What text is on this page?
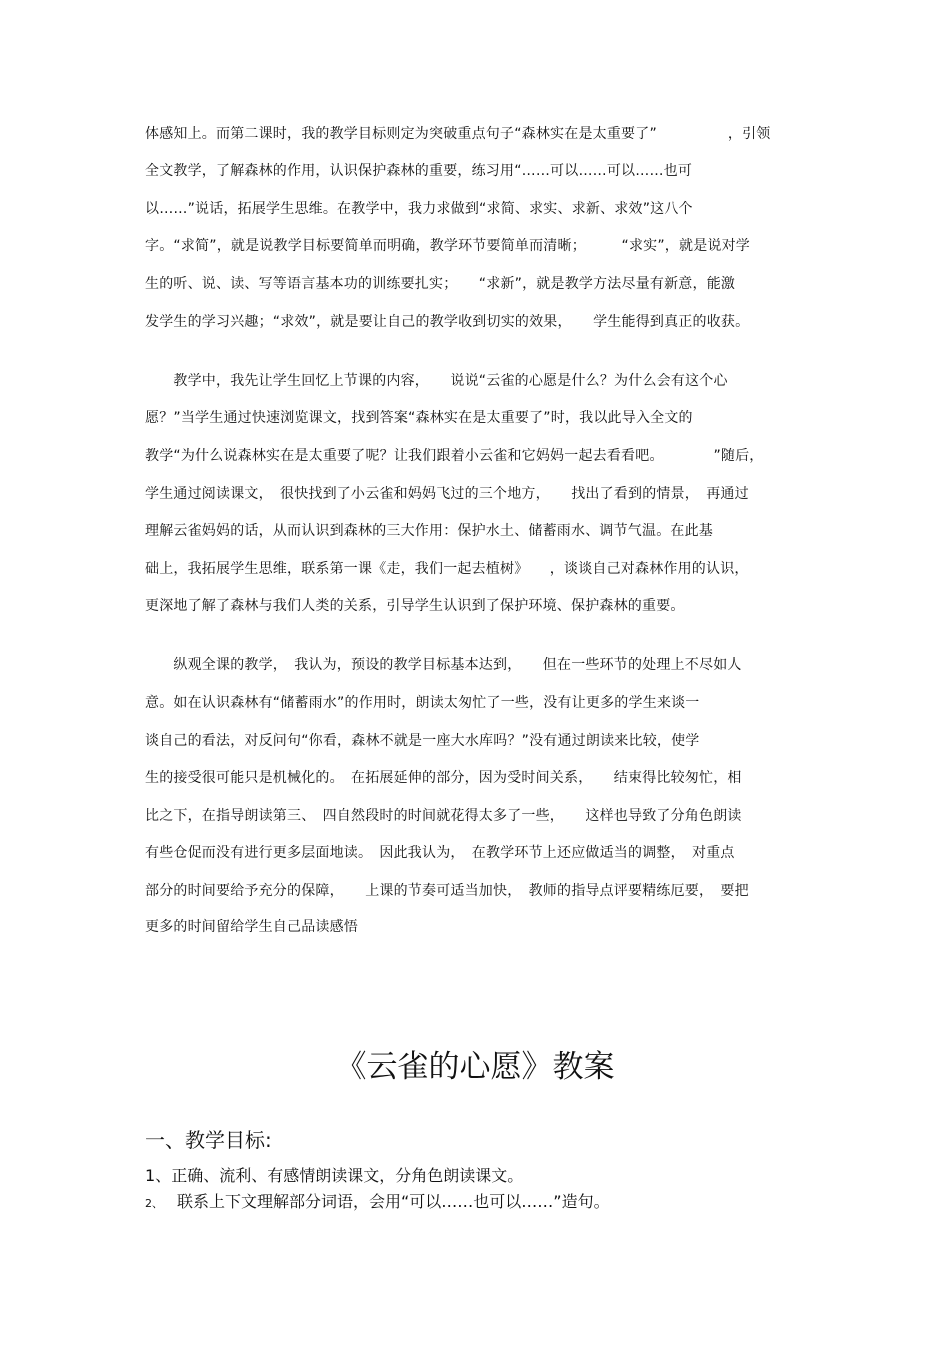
体感知上。而第二课时，我的教学目标则定为突破重点句子“森林实在是太重要了”　　　　　，引领
全文教学，了解森林的作用，认识保护森林的重要，练习用“……可以……可以……也可
以……”说话，拓展学生思维。在教学中，我力求做到“求简、求实、求新、求效”这八个
字。“求简”，就是说教学目标要简单而明确，教学环节要简单而清晰；　　　“求实”，就是说对学
生的听、说、读、写等语言基本功的训练要扎实；　　“求新”，就是教学方法尽量有新意，能激
发学生的学习兴趣；“求效”，就是要让自己的教学收到切实的效果，　　学生能得到真正的收获。
　　教学中，我先让学生回忆上节课的内容，　　说说“云雀的心愿是什么？为什么会有这个心
愿？”当学生通过快速浏览课文，找到答案“森林实在是太重要了”时，我以此导入全文的
教学“为什么说森林实在是太重要了呢？让我们跟着小云雀和它妈妈一起去看看吧。　　　　”随后，
学生通过阅读课文，　很快找到了小云雀和妈妈飞过的三个地方，　　找出了看到的情景，　再通过
理解云雀妈妈的话，从而认识到森林的三大作用：保护水土、储蓄雨水、调节气温。在此基
础上，我拓展学生思维，联系第一课《走，我们一起去植树》　　，谈谈自己对森林作用的认识，
更深地了解了森林与我们人类的关系，引导学生认识到了保护环境、保护森林的重要。
　　纵观全课的教学，　我认为，预设的教学目标基本达到，　　但在一些环节的处理上不尽如人
意。如在认识森林有“储蓄雨水”的作用时，朗读太匆忙了一些，没有让更多的学生来谈一
谈自己的看法，对反问句“你看，森林不就是一座大水库吗？”没有通过朗读来比较，使学
生的接受很可能只是机械化的。　在拓展延伸的部分，因为受时间关系，　　结束得比较匆忙，相
比之下，在指导朗读第三、　四自然段时的时间就花得太多了一些，　　这样也导致了分角色朗读
有些仓促而没有进行更多层面地读。　因此我认为，　在教学环节上还应做适当的调整，　对重点
部分的时间要给予充分的保障，　　上课的节奏可适当加快，　教师的指导点评要精练厄要，　要把
更多的时间留给学生自己品读感悟
《云雀的心愿》教案
一、教学目标:
1、正确、流利、有感情朗读课文，分角色朗读课文。
2、 联系上下文理解部分词语，会用“可以……也可以……”造句。
